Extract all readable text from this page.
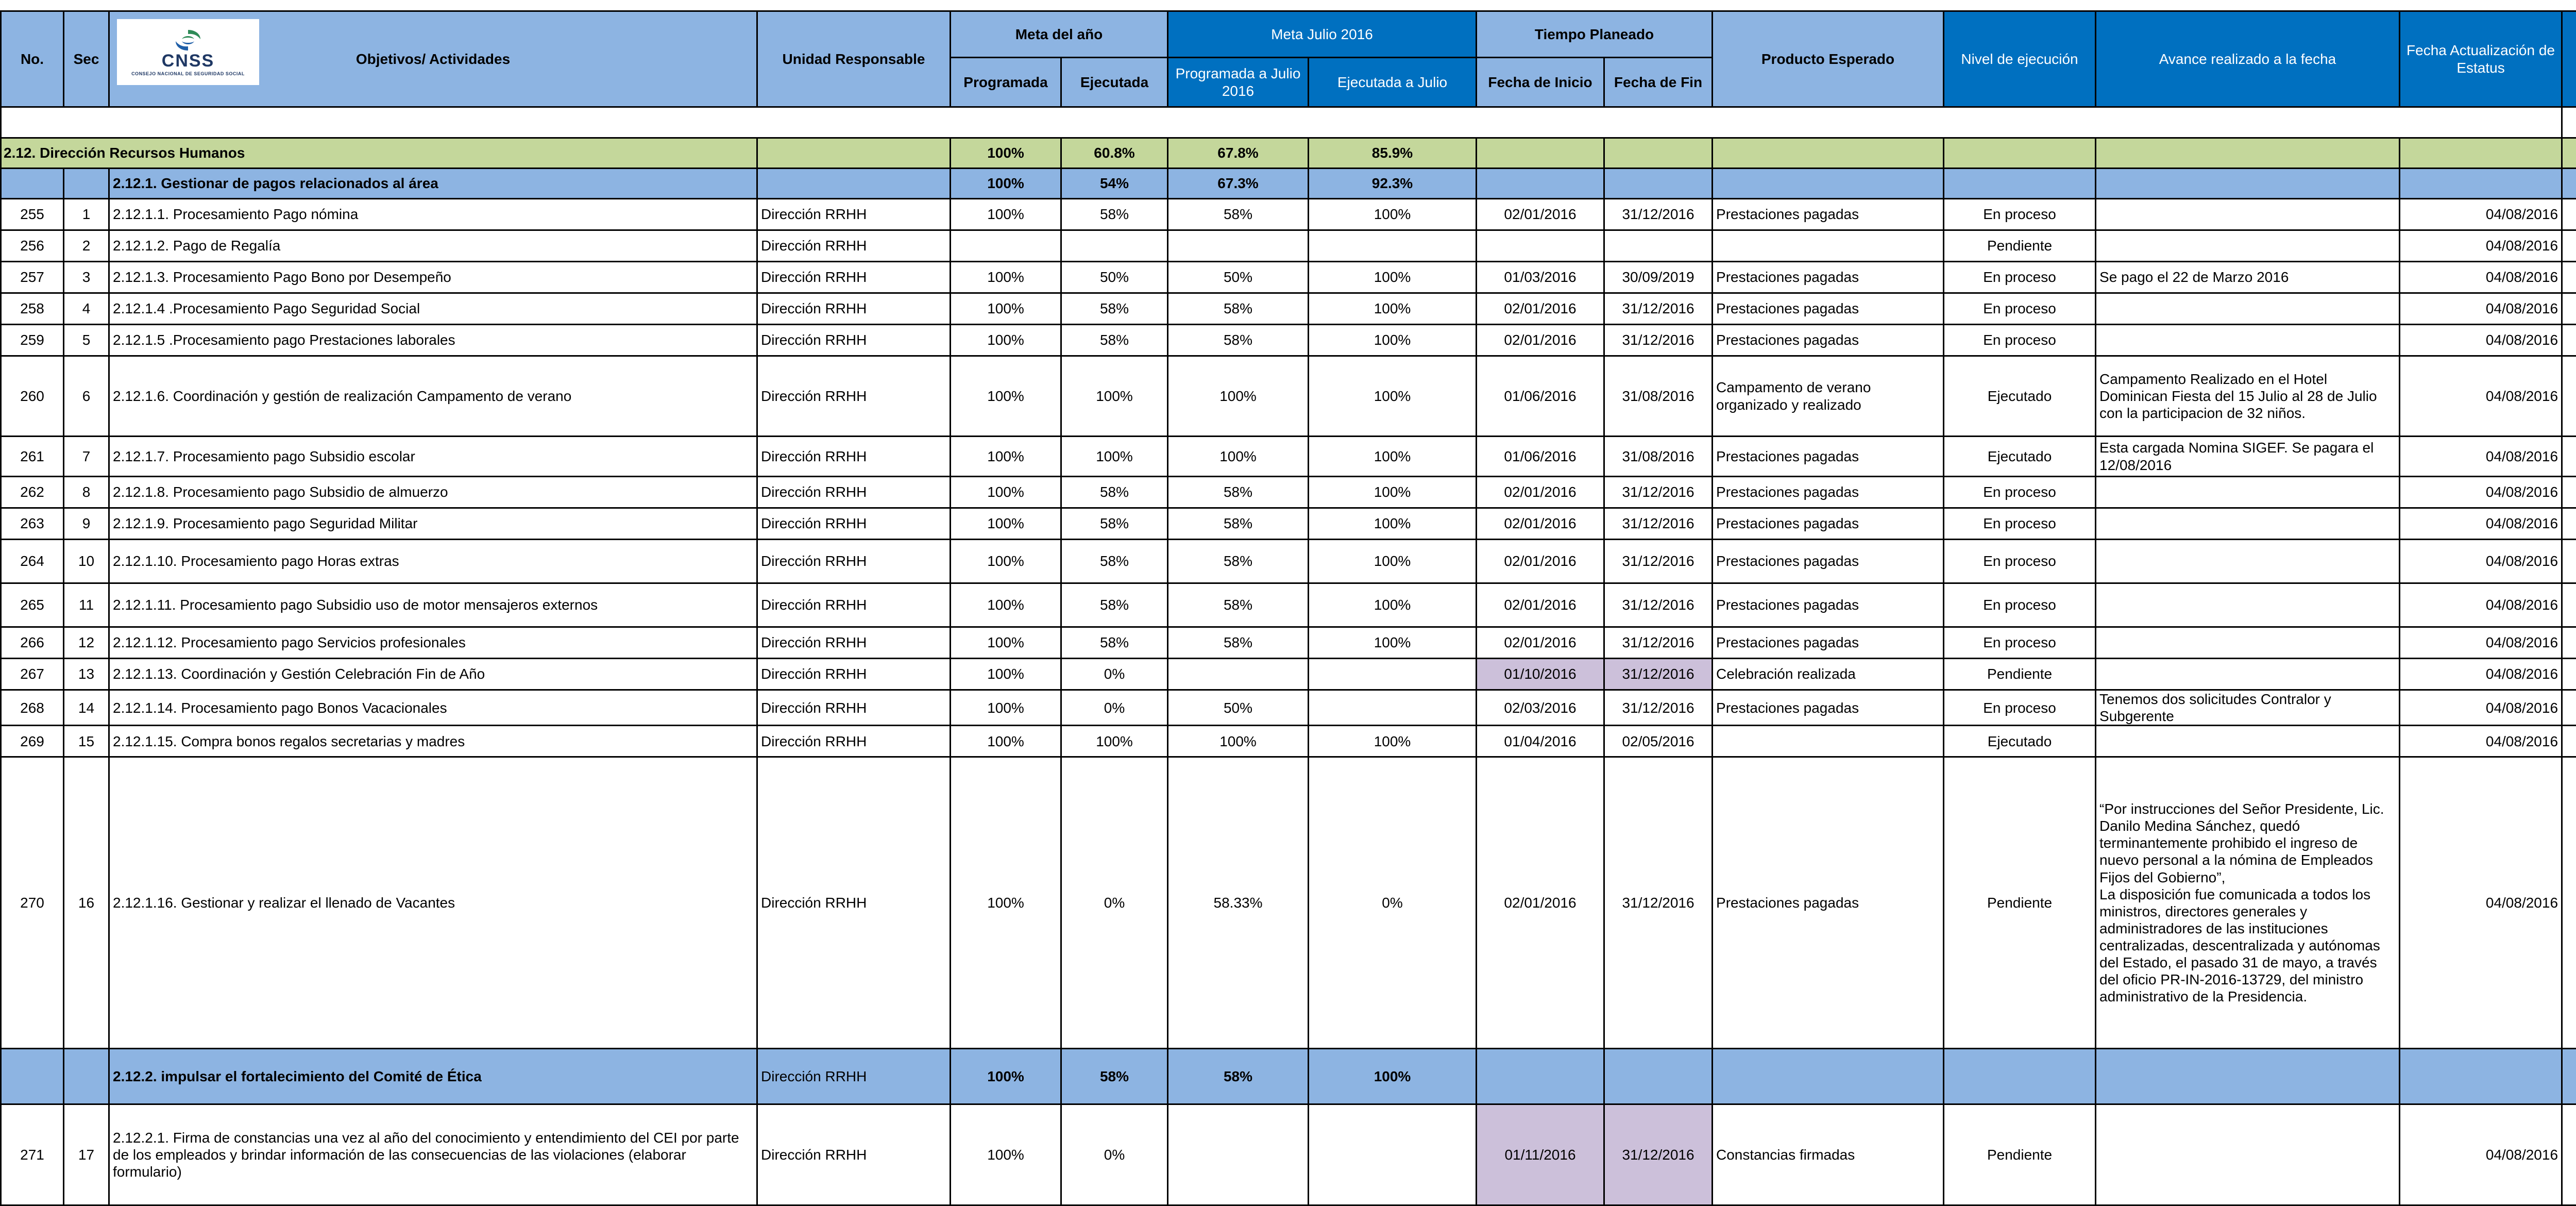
No.	Sec	CNSS
CONSEJO NACIONAL DE SEGURIDAD SOCIAL
Objetivos/ Actividades	Unidad Responsable	Meta del año		Meta Julio 2016		Tiempo Planeado		Producto Esperado	Nivel de ejecución	Avance realizado a la fecha	Fecha Actualización de Estatus	
				Programada	Ejecutada	Programada a Julio 2016	Ejecutada a Julio	Fecha de Inicio	Fecha de Fin					

2.12. Dirección Recursos Humanos				100%	60.8%	67.8%	85.9%							
		2.12.1. Gestionar de pagos relacionados al área		100%	54%	67.3%	92.3%							
255	1	2.12.1.1. Procesamiento Pago nómina	Dirección RRHH	100%	58%	58%	100%	02/01/2016	31/12/2016	Prestaciones pagadas	En proceso		04/08/2016	
256	2	2.12.1.2. Pago de Regalía	Dirección RRHH								Pendiente		04/08/2016	
257	3	2.12.1.3. Procesamiento Pago Bono por Desempeño	Dirección RRHH	100%	50%	50%	100%	01/03/2016	30/09/2019	Prestaciones pagadas	En proceso	Se pago el 22 de Marzo 2016	04/08/2016	
258	4	2.12.1.4 .Procesamiento Pago Seguridad Social	Dirección RRHH	100%	58%	58%	100%	02/01/2016	31/12/2016	Prestaciones pagadas	En proceso		04/08/2016	
259	5	2.12.1.5 .Procesamiento pago Prestaciones laborales	Dirección RRHH	100%	58%	58%	100%	02/01/2016	31/12/2016	Prestaciones pagadas	En proceso		04/08/2016	
260	6	2.12.1.6. Coordinación y gestión de realización Campamento de verano	Dirección RRHH	100%	100%	100%	100%	01/06/2016	31/08/2016	Campamento de verano organizado y realizado	Ejecutado	Campamento Realizado en el Hotel Dominican Fiesta del 15 Julio al 28 de Julio con la participacion de 32 niños.	04/08/2016	
261	7	2.12.1.7. Procesamiento pago Subsidio escolar	Dirección RRHH	100%	100%	100%	100%	01/06/2016	31/08/2016	Prestaciones pagadas	Ejecutado	Esta cargada Nomina SIGEF. Se pagara el 12/08/2016	04/08/2016	
262	8	2.12.1.8. Procesamiento pago Subsidio de almuerzo	Dirección RRHH	100%	58%	58%	100%	02/01/2016	31/12/2016	Prestaciones pagadas	En proceso		04/08/2016	
263	9	2.12.1.9. Procesamiento pago Seguridad Militar	Dirección RRHH	100%	58%	58%	100%	02/01/2016	31/12/2016	Prestaciones pagadas	En proceso		04/08/2016	
264	10	2.12.1.10. Procesamiento pago Horas extras	Dirección RRHH	100%	58%	58%	100%	02/01/2016	31/12/2016	Prestaciones pagadas	En proceso		04/08/2016	
265	11	2.12.1.11. Procesamiento pago Subsidio uso de motor mensajeros externos	Dirección RRHH	100%	58%	58%	100%	02/01/2016	31/12/2016	Prestaciones pagadas	En proceso		04/08/2016	
266	12	2.12.1.12. Procesamiento pago Servicios profesionales	Dirección RRHH	100%	58%	58%	100%	02/01/2016	31/12/2016	Prestaciones pagadas	En proceso		04/08/2016	
267	13	2.12.1.13. Coordinación y Gestión Celebración Fin de Año	Dirección RRHH	100%	0%			01/10/2016	31/12/2016	Celebración realizada	Pendiente		04/08/2016	
268	14	2.12.1.14. Procesamiento pago Bonos Vacacionales	Dirección RRHH	100%	0%	50%		02/03/2016	31/12/2016	Prestaciones pagadas	En proceso	Tenemos dos solicitudes Contralor y Subgerente	04/08/2016	
269	15	2.12.1.15. Compra bonos regalos secretarias y madres	Dirección RRHH	100%	100%	100%	100%	01/04/2016	02/05/2016		Ejecutado		04/08/2016	
270	16	2.12.1.16. Gestionar y realizar el llenado de Vacantes	Dirección RRHH	100%	0%	58.33%	0%	02/01/2016	31/12/2016	Prestaciones pagadas	Pendiente	“Por instrucciones del Señor Presidente, Lic. Danilo Medina Sánchez, quedó terminantemente prohibido el ingreso de nuevo personal a la nómina de Empleados Fijos del Gobierno”,
La disposición fue comunicada a todos los ministros, directores generales y administradores de las instituciones centralizadas, descentralizada y autónomas del Estado, el pasado 31 de mayo, a través del oficio PR-IN-2016-13729, del ministro administrativo de la Presidencia.	04/08/2016	
		2.12.2. impulsar el fortalecimiento del Comité de Ética	Dirección RRHH	100%	58%	58%	100%							
271	17	2.12.2.1. Firma de constancias una vez al año del conocimiento y entendimiento del CEI por parte de los empleados y brindar información de las consecuencias de las violaciones (elaborar formulario)	Dirección RRHH	100%	0%			01/11/2016	31/12/2016	Constancias firmadas	Pendiente		04/08/2016	
